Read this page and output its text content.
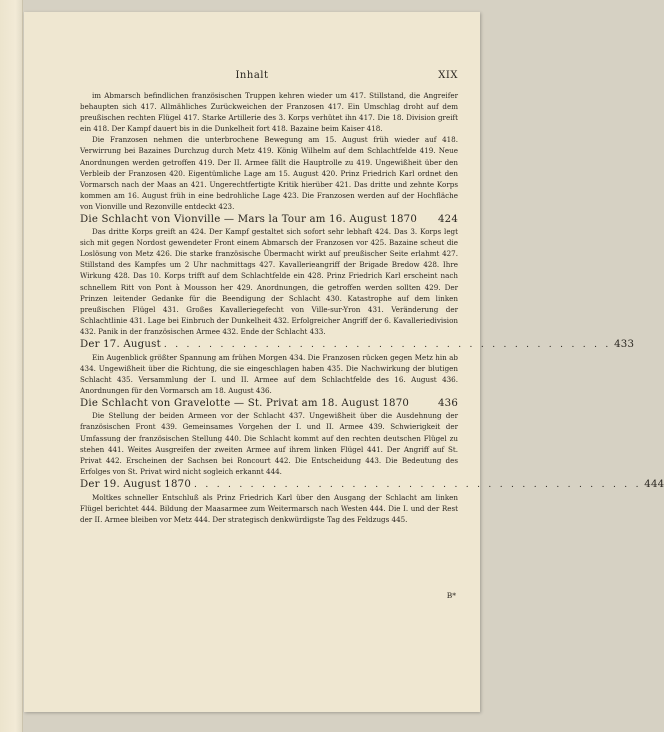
Inhalt	XIX

im Abmarsch befindlichen französischen Truppen kehren wieder um 417. Stillstand, die Angreifer behaupten sich 417. Allmähliches Zurückweichen der Franzosen 417. Ein Umschlag droht auf dem preußischen rechten Flügel 417. Starke Artillerie des 3. Korps verhütet ihn 417. Die 18. Division greift ein 418. Der Kampf dauert bis in die Dunkelheit fort 418. Bazaine beim Kaiser 418.

Die Franzosen nehmen die unterbrochene Bewegung am 15. August früh wieder auf 418. Verwirrung bei Bazaines Durchzug durch Metz 419. König Wilhelm auf dem Schlachtfelde 419. Neue Anordnungen werden getroffen 419. Der II. Armee fällt die Hauptrolle zu 419. Ungewißheit über den Verbleib der Franzosen 420. Eigentümliche Lage am 15. August 420. Prinz Friedrich Karl ordnet den Vormarsch nach der Maas an 421. Ungerechtfertigte Kritik hierüber 421. Das dritte und zehnte Korps kommen am 16. August früh in eine bedrohliche Lage 423. Die Franzosen werden auf der Hochfläche von Vionville und Rezonville entdeckt 423.

Die Schlacht von Vionville — Mars la Tour am 16. August 1870 424

Das dritte Korps greift an 424. Der Kampf gestaltet sich sofort sehr lebhaft 424. Das 3. Korps legt sich mit gegen Nordost gewendeter Front einem Abmarsch der Franzosen vor 425. Bazaine scheut die Loslösung von Metz 426. Die starke französische Übermacht wirkt auf preußischer Seite erlahmt 427. Stillstand des Kampfes um 2 Uhr nachmittags 427. Kavallerieangriff der Brigade Bredow 428. Ihre Wirkung 428. Das 10. Korps trifft auf dem Schlachtfelde ein 428. Prinz Friedrich Karl erscheint nach schnellem Ritt von Pont à Mousson her 429. Anordnungen, die getroffen werden sollten 429. Der Prinzen leitender Gedanke für die Beendigung der Schlacht 430. Katastrophe auf dem linken preußischen Flügel 431. Großes Kavalleriegefecht von Ville-sur-Yron 431. Veränderung der Schlachtlinie 431. Lage bei Einbruch der Dunkelheit 432. Erfolgreicher Angriff der 6. Kavalleriedivision 432. Panik in der französischen Armee 432. Ende der Schlacht 433.

Der 17. August . . . . . . . . . . . . . . . . . . . . . . . . . . . . . . . . . . . . . . . . 433

Ein Augenblick größter Spannung am frühen Morgen 434. Die Franzosen rücken gegen Metz hin ab 434. Ungewißheit über die Richtung, die sie eingeschlagen haben 435. Die Nachwirkung der blutigen Schlacht 435. Versammlung der I. und II. Armee auf dem Schlachtfelde des 16. August 436. Anordnungen für den Vormarsch am 18. August 436.

Die Schlacht von Gravelotte — St. Privat am 18. August 1870	436

Die Stellung der beiden Armeen vor der Schlacht 437. Ungewißheit über die Ausdehnung der französischen Front 439. Gemeinsames Vorgehen der I. und II. Armee 439. Schwierigkeit der Umfassung der französischen Stellung 440. Die Schlacht kommt auf den rechten deutschen Flügel zu stehen 441. Weites Ausgreifen der zweiten Armee auf ihrem linken Flügel 441. Der Angriff auf St. Privat 442. Erscheinen der Sachsen bei Roncourt 442. Die Entscheidung 443. Die Bedeutung des Erfolges von St. Privat wird nicht sogleich erkannt 444.

Der 19. August 1870 . . . . . . . . . . . . . . . . . . . . . . . . . . . . . . . . . . . . . . . . 444

Moltkes schneller Entschluß als Prinz Friedrich Karl über den Ausgang der Schlacht am linken Flügel berichtet 444. Bildung der Maasarmee zum Weitermarsch nach Westen 444. Die I. und der Rest der II. Armee bleiben vor Metz 444. Der strategisch denkwürdigste Tag des Feldzugs 445.

B*
